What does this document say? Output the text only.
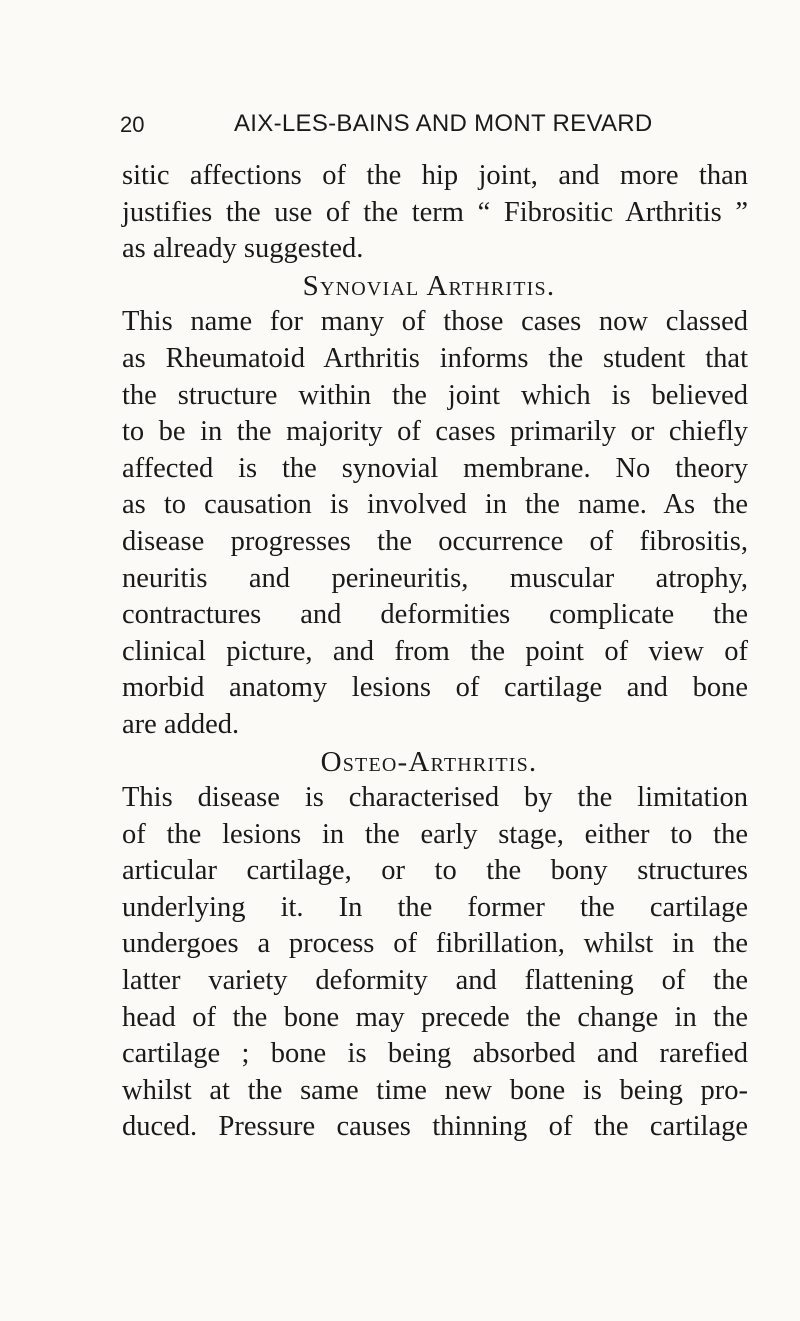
20	AIX-LES-BAINS AND MONT REVARD
sitic affections of the hip joint, and more than
justifies the use of the term “ Fibrositic Arthritis ”
as already suggested.
Synovial Arthritis.
This name for many of those cases now classed
as Rheumatoid Arthritis informs the student that
the structure within the joint which is believed
to be in the majority of cases primarily or chiefly
affected is the synovial membrane. No theory
as to causation is involved in the name. As the
disease progresses the occurrence of fibrositis,
neuritis and perineuritis, muscular atrophy,
contractures and deformities complicate the
clinical picture, and from the point of view of
morbid anatomy lesions of cartilage and bone
are added.
Osteo-Arthritis.
This disease is characterised by the limitation
of the lesions in the early stage, either to the
articular cartilage, or to the bony structures
underlying it. In the former the cartilage
undergoes a process of fibrillation, whilst in the
latter variety deformity and flattening of the
head of the bone may precede the change in the
cartilage ; bone is being absorbed and rarefied
whilst at the same time new bone is being pro-
duced. Pressure causes thinning of the cartilage
